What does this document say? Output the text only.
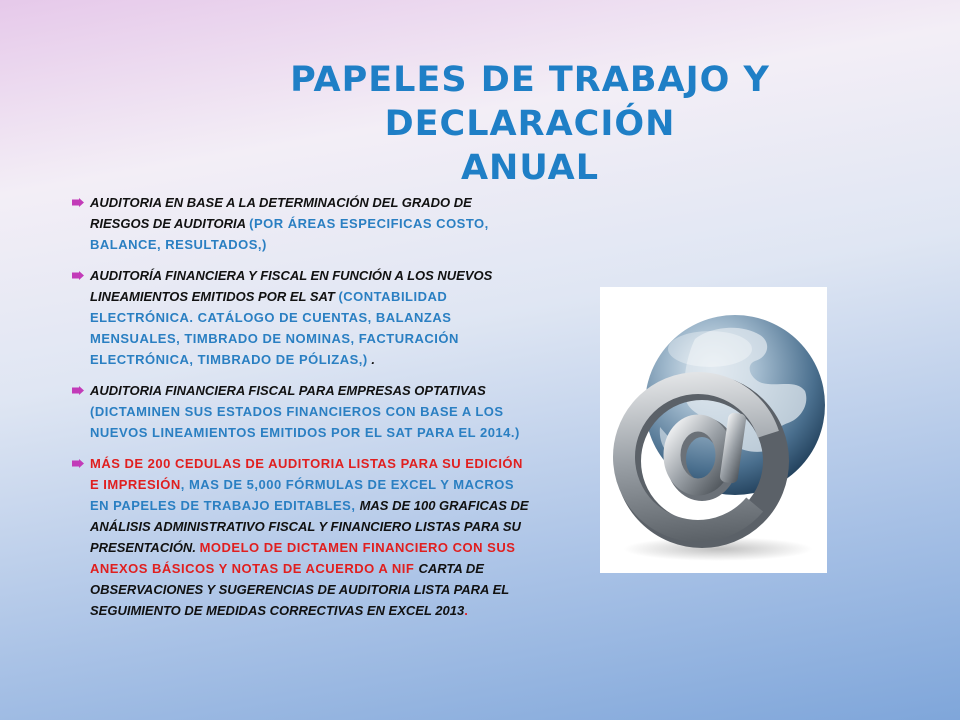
PAPELES DE TRABAJO Y DECLARACIÓN
ANUAL
AUDITORIA EN BASE A LA DETERMINACIÓN DEL GRADO DE RIESGOS DE AUDITORIA (POR ÁREAS ESPECIFICAS COSTO, BALANCE, RESULTADOS,)
AUDITORÍA FINANCIERA Y FISCAL EN FUNCIÓN A LOS NUEVOS LINEAMIENTOS EMITIDOS POR EL SAT (CONTABILIDAD ELECTRÓNICA. CATÁLOGO DE CUENTAS, BALANZAS MENSUALES, TIMBRADO DE NOMINAS, FACTURACIÓN ELECTRÓNICA, TIMBRADO DE PÓLIZAS,) .
AUDITORIA FINANCIERA FISCAL PARA EMPRESAS OPTATIVAS (DICTAMINEN SUS ESTADOS FINANCIEROS CON BASE A LOS NUEVOS LINEAMIENTOS EMITIDOS POR EL SAT PARA EL 2014.)
MÁS DE 200 CEDULAS DE AUDITORIA LISTAS PARA SU EDICIÓN E IMPRESIÓN, MAS DE 5,000 FÓRMULAS DE EXCEL Y MACROS EN PAPELES DE TRABAJO EDITABLES, MAS DE 100 GRAFICAS DE ANÁLISIS ADMINISTRATIVO FISCAL Y FINANCIERO LISTAS PARA SU PRESENTACIÓN. MODELO DE DICTAMEN FINANCIERO CON SUS ANEXOS BÁSICOS Y NOTAS DE ACUERDO A NIF CARTA DE OBSERVACIONES Y SUGERENCIAS DE AUDITORIA LISTA PARA EL SEGUIMIENTO DE MEDIDAS CORRECTIVAS EN EXCEL 2013.
